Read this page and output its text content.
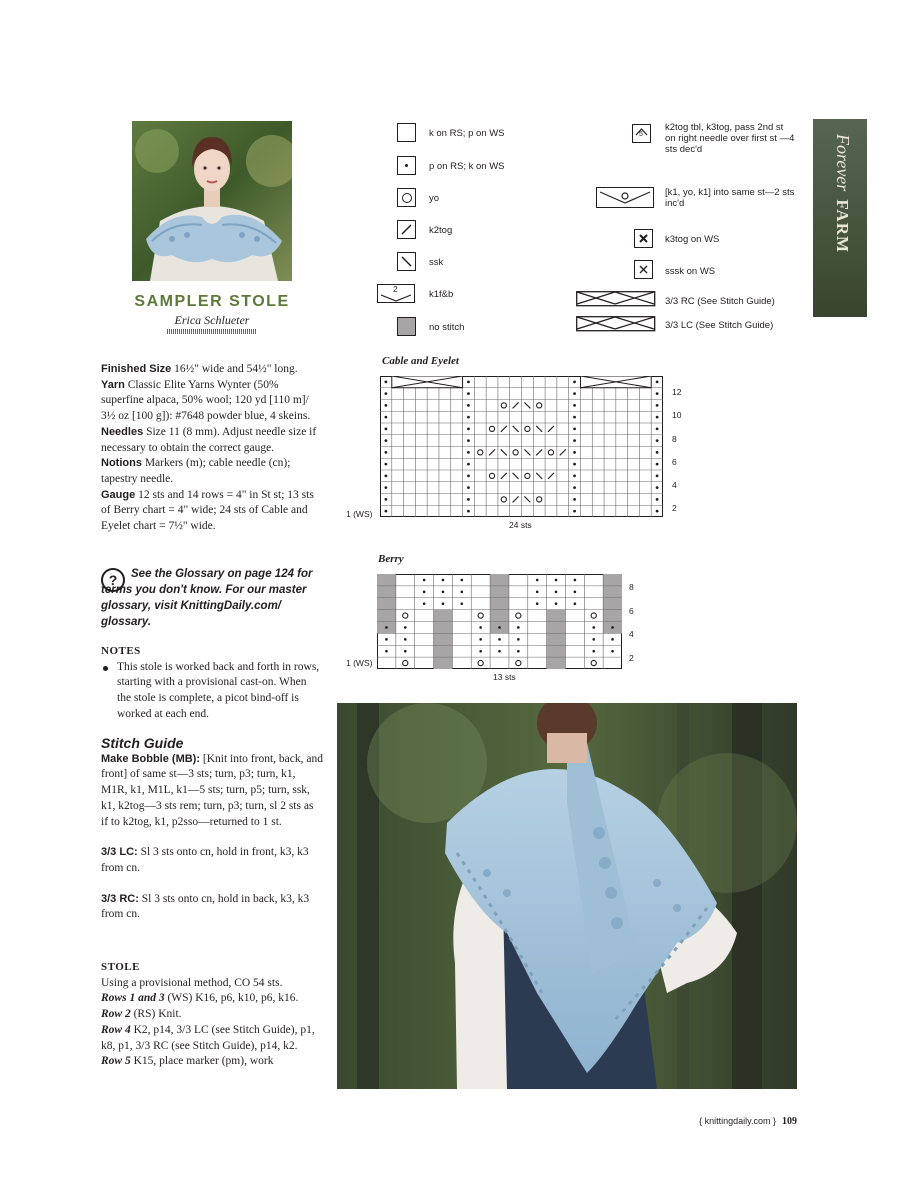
ForeverFARM
SAMPLER STOLE
Erica Schlueter

Finished Size 16½" wide and 54½" long.

Yarn Classic Elite Yarns Wynter (50% superfine alpaca, 50% wool; 120 yd [110 m]/ 3½ oz [100 g]): #7648 powder blue, 4 skeins.

Needles Size 11 (8 mm). Adjust needle size if necessary to obtain the correct gauge.

Notions Markers (m); cable needle (cn); tapestry needle.

Gauge 12 sts and 14 rows = 4" in St st; 13 sts of Berry chart = 4" wide; 24 sts of Cable and Eyelet chart = 7½" wide.

?	See the Glossary on page 124 for terms you don't know. For our master glossary, visit KnittingDaily.com/ glossary.

NOTES

This stole is worked back and forth in rows, starting with a provisional cast-on. When the stole is complete, a picot bind-off is worked at each end.

Stitch Guide

Make Bobble (MB): [Knit into front, back, and front] of same st—3 sts; turn, p3; turn, k1, M1R, k1, M1L, k1—5 sts; turn, p5; turn, ssk, k1, k2tog—3 sts rem; turn, p3; turn, sl 2 sts as if to k2tog, k1, p2sso—returned to 1 st.

3/3 LC: Sl 3 sts onto cn, hold in front, k3, k3 from cn.

3/3 RC: Sl 3 sts onto cn, hold in back, k3, k3 from cn.

STOLE

Using a provisional method, CO 54 sts.

Rows 1 and 3 (WS) K16, p6, k10, p6, k16.

Row 2 (RS) Knit.

Row 4 K2, p14, 3/3 LC (see Stitch Guide), p1, k8, p1, 3/3 RC (see Stitch Guide), p14, k2.

Row 5 K15, place marker (pm), work

k on RS; p on WS
p on RS; k on WS
yo
k2tog
ssk
2	k1f&b
no stitch
5
k2tog tbl, k3tog, pass 2nd st on right needle over first st —4 sts dec'd
[k1, yo, k1] into same st—2 sts inc'd
k3tog on WS
sssk on WS
3/3 RC (See Stitch Guide)
3/3 LC (See Stitch Guide)
Cable and Eyelet
1 (WS)
24 sts
12
10
8
6
4
2
Berry
1 (WS)
13 sts
8
6
4
2
{ knittingdaily.com } 109
